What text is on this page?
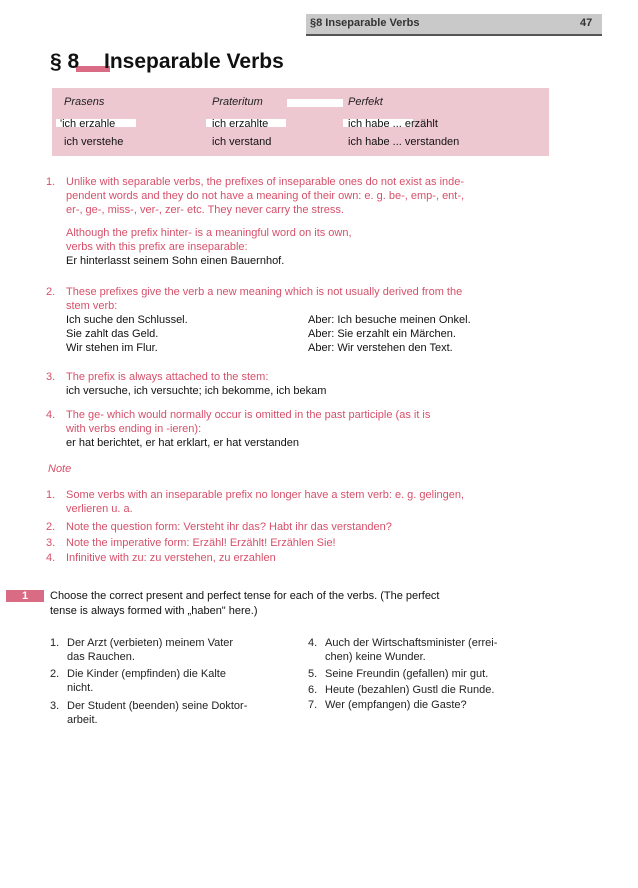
§8 Inseparable Verbs	47
§ 8 Inseparable Verbs
Prasens	Prateritum	Perfekt
'ich erzahle	ich erzahlte	ich habe ... erzählt
ich verstehe	ich verstand	ich habe ... verstanden
1. Unlike with separable verbs, the prefixes of inseparable ones do not exist as inde-
pendent words and they do not have a meaning of their own: e. g. be-, emp-, ent-,
er-, ge-, miss-, ver-, zer- etc. They never carry the stress.
Although the prefix hinter- is a meaningful word on its own,
verbs with this prefix are inseparable:
Er hinterlasst seinem Sohn einen Bauernhof.
2. These prefixes give the verb a new meaning which is not usually derived from the
stem verb:
Ich suche den Schlussel.	Aber: Ich besuche meinen Onkel.
Sie zahlt das Geld.	Aber: Sie erzahlt ein Märchen.
Wir stehen im Flur.	Aber: Wir verstehen den Text.
3. The prefix is always attached to the stem:
ich versuche, ich versuchte; ich bekomme, ich bekam
4. The ge- which would normally occur is omitted in the past participle (as it is
with verbs ending in -ieren):
er hat berichtet, er hat erklart, er hat verstanden
Note
1. Some verbs with an inseparable prefix no longer have a stem verb: e. g. gelingen,
verlieren u. a.
2. Note the question form: Versteht ihr das? Habt ihr das verstanden?
3. Note the imperative form: Erzähl! Erzählt! Erzählen Sie!
4. Infinitive with zu: zu verstehen, zu erzahlen
1	Choose the correct present and perfect tense for each of the verbs. (The perfect
tense is always formed with „haben" here.)
1. Der Arzt (verbieten) meinem Vater
das Rauchen.
2. Die Kinder (empfinden) die Kalte
nicht.
3. Der Student (beenden) seine Doktor-
arbeit.
4. Auch der Wirtschaftsminister (errei-
chen) keine Wunder.
5. Seine Freundin (gefallen) mir gut.
6. Heute (bezahlen) Gustl die Runde.
7. Wer (empfangen) die Gaste?
